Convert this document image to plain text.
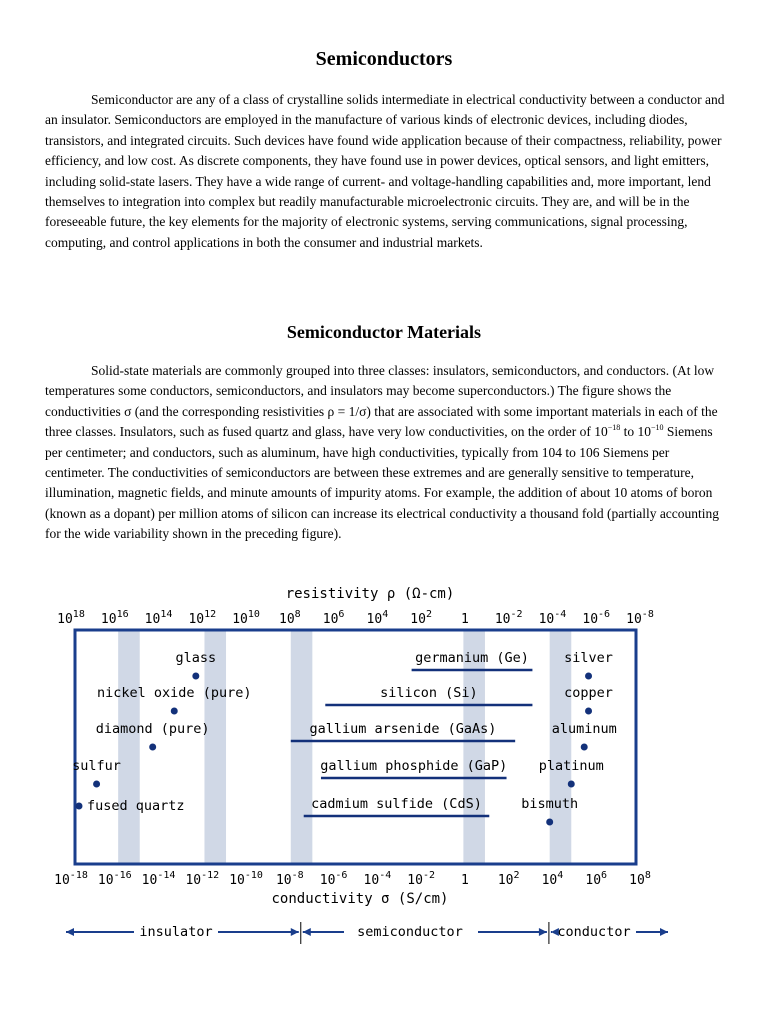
Semiconductors

Semiconductor are any of a class of crystalline solids intermediate in electrical conductivity between a conductor and an insulator. Semiconductors are employed in the manufacture of various kinds of electronic devices, including diodes, transistors, and integrated circuits. Such devices have found wide application because of their compactness, reliability, power efficiency, and low cost. As discrete components, they have found use in power devices, optical sensors, and light emitters, including solid-state lasers. They have a wide range of current- and voltage-handling capabilities and, more important, lend themselves to integration into complex but readily manufacturable microelectronic circuits. They are, and will be in the foreseeable future, the key elements for the majority of electronic systems, serving communications, signal processing, computing, and control applications in both the consumer and industrial markets.

Semiconductor Materials

Solid-state materials are commonly grouped into three classes: insulators, semiconductors, and conductors. (At low temperatures some conductors, semiconductors, and insulators may become superconductors.) The figure shows the conductivities σ (and the corresponding resistivities ρ = 1/σ) that are associated with some important materials in each of the three classes. Insulators, such as fused quartz and glass, have very low conductivities, on the order of $10^{-18}$ to $10^{-10}$ Siemens per centimeter; and conductors, such as aluminum, have high conductivities, typically from 104 to 106 Siemens per centimeter. The conductivities of semiconductors are between these extremes and are generally sensitive to temperature, illumination, magnetic fields, and minute amounts of impurity atoms. For example, the addition of about 10 atoms of boron (known as a dopant) per million atoms of silicon can increase its electrical conductivity a thousand fold (partially accounting for the wide variability shown in the preceding figure).

$10^{18}$ $10^{16}$ $10^{14}$ $10^{12}$ $10^{10}$ $10^8$ $10^6$ $10^4$ $10^2$ 1 $10^{-2}$ $10^{-4}$ $10^{-6}$ $10^{-8}$
$10^{-18}$ $10^{-16}$ $10^{-14}$ $10^{-12}$ $10^{-10}$ $10^{-8}$ $10^{-6}$ $10^{-4}$ $10^{-2}$ 1 $10^2$ $10^4$ $10^6$ $10^8$
resistivity ρ (Ω-cm)
conductivity σ (S/cm)
glass
nickel oxide (pure)
diamond (pure)
sulfur
fused quartz
silver
copper
aluminum
platinum
bismuth
germanium (Ge)
silicon (Si)
gallium arsenide (GaAs)
gallium phosphide (GaP)
cadmium sulfide (CdS)
insulator	semiconductor	conductor
